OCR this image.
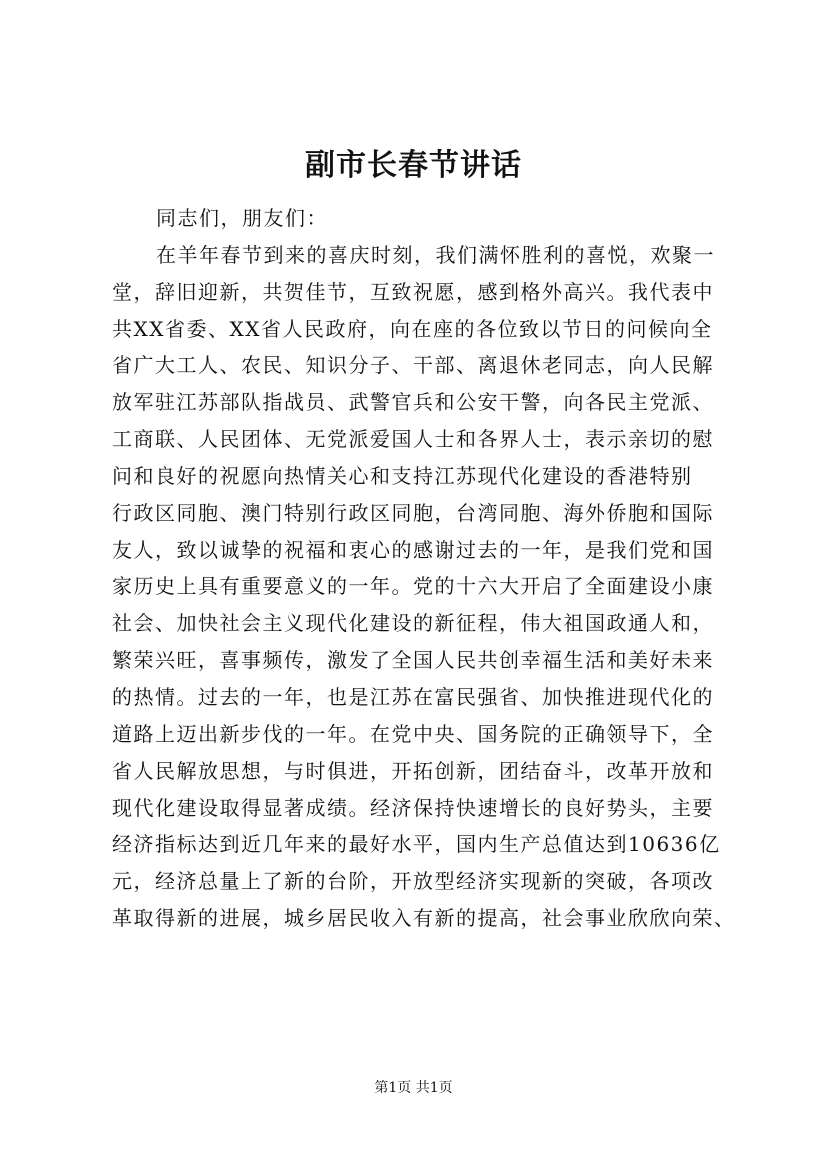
副市长春节讲话
同志们，朋友们：
在羊年春节到来的喜庆时刻，我们满怀胜利的喜悦，欢聚一
堂，辞旧迎新，共贺佳节，互致祝愿，感到格外高兴。我代表中
共XX省委、XX省人民政府，向在座的各位致以节日的问候向全
省广大工人、农民、知识分子、干部、离退休老同志，向人民解
放军驻江苏部队指战员、武警官兵和公安干警，向各民主党派、
工商联、人民团体、无党派爱国人士和各界人士，表示亲切的慰
问和良好的祝愿向热情关心和支持江苏现代化建设的香港特别
行政区同胞、澳门特别行政区同胞，台湾同胞、海外侨胞和国际
友人，致以诚挚的祝福和衷心的感谢过去的一年，是我们党和国
家历史上具有重要意义的一年。党的十六大开启了全面建设小康
社会、加快社会主义现代化建设的新征程，伟大祖国政通人和，
繁荣兴旺，喜事频传，激发了全国人民共创幸福生活和美好未来
的热情。过去的一年，也是江苏在富民强省、加快推进现代化的
道路上迈出新步伐的一年。在党中央、国务院的正确领导下，全
省人民解放思想，与时俱进，开拓创新，团结奋斗，改革开放和
现代化建设取得显著成绩。经济保持快速增长的良好势头，主要
经济指标达到近几年来的最好水平，国内生产总值达到10636亿
元，经济总量上了新的台阶，开放型经济实现新的突破，各项改
革取得新的进展，城乡居民收入有新的提高，社会事业欣欣向荣、
第1页 共1页
